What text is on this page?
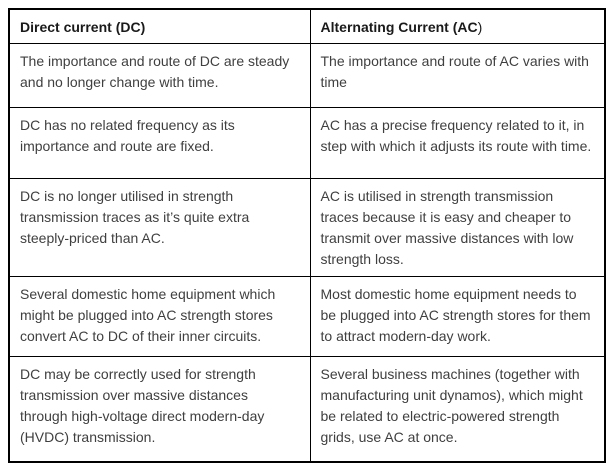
Direct current (DC)	Alternating Current (AC)
The importance and route of DC are steady and no longer change with time.	The importance and route of AC varies with time
DC has no related frequency as its importance and route are fixed.	AC has a precise frequency related to it, in step with which it adjusts its route with time.
DC is no longer utilised in strength transmission traces as it’s quite extra steeply-priced than AC.	AC is utilised in strength transmission traces because it is easy and cheaper to transmit over massive distances with low strength loss.
Several domestic home equipment which might be plugged into AC strength stores convert AC to DC of their inner circuits.	Most domestic home equipment needs to be plugged into AC strength stores for them to attract modern-day work.
DC may be correctly used for strength transmission over massive distances through high-voltage direct modern-day (HVDC) transmission.	Several business machines (together with manufacturing unit dynamos), which might be related to electric-powered strength grids, use AC at once.
